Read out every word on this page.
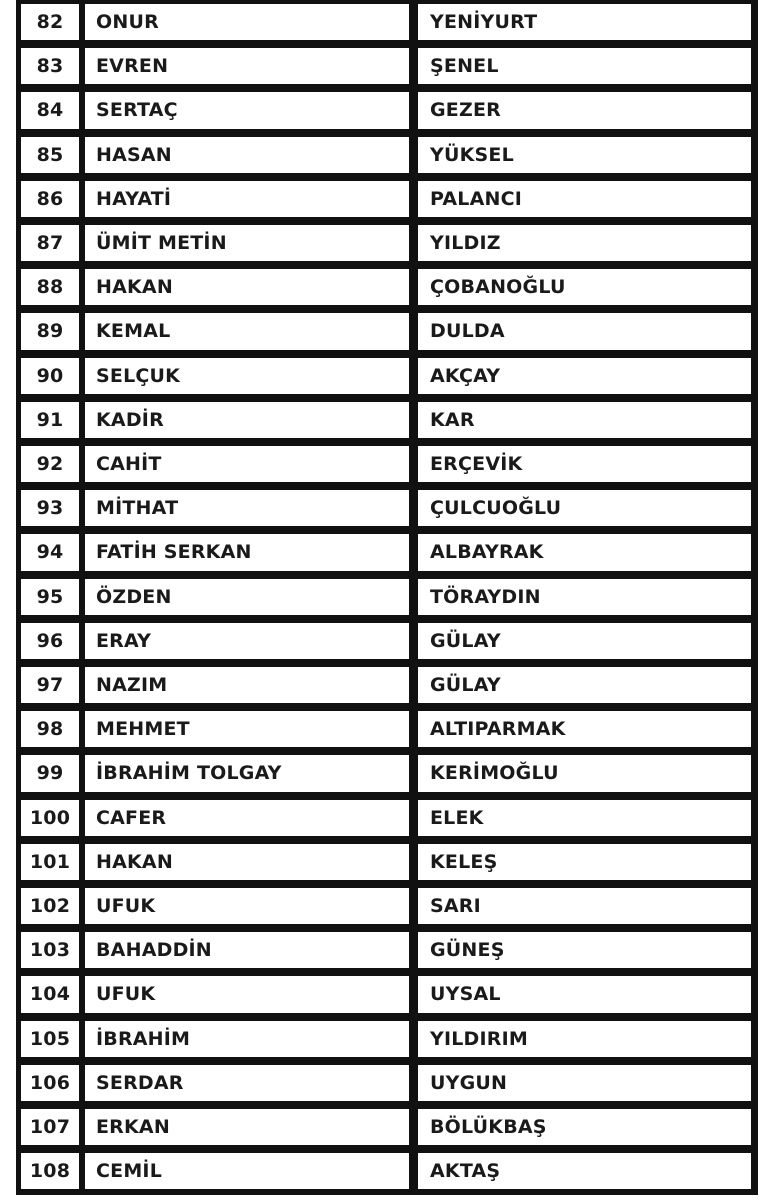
82	ONUR	YENİYURT
83	EVREN	ŞENEL
84	SERTAÇ	GEZER
85	HASAN	YÜKSEL
86	HAYATİ	PALANCI
87	ÜMİT METİN	YILDIZ
88	HAKAN	ÇOBANOĞLU
89	KEMAL	DULDA
90	SELÇUK	AKÇAY
91	KADİR	KAR
92	CAHİT	ERÇEVİK
93	MİTHAT	ÇULCUOĞLU
94	FATİH SERKAN	ALBAYRAK
95	ÖZDEN	TÖRAYDIN
96	ERAY	GÜLAY
97	NAZIM	GÜLAY
98	MEHMET	ALTIPARMAK
99	İBRAHİM TOLGAY	KERİMOĞLU
100	CAFER	ELEK
101	HAKAN	KELEŞ
102	UFUK	SARI
103	BAHADDİN	GÜNEŞ
104	UFUK	UYSAL
105	İBRAHİM	YILDIRIM
106	SERDAR	UYGUN
107	ERKAN	BÖLÜKBAŞ
108	CEMİL	AKTAŞ
